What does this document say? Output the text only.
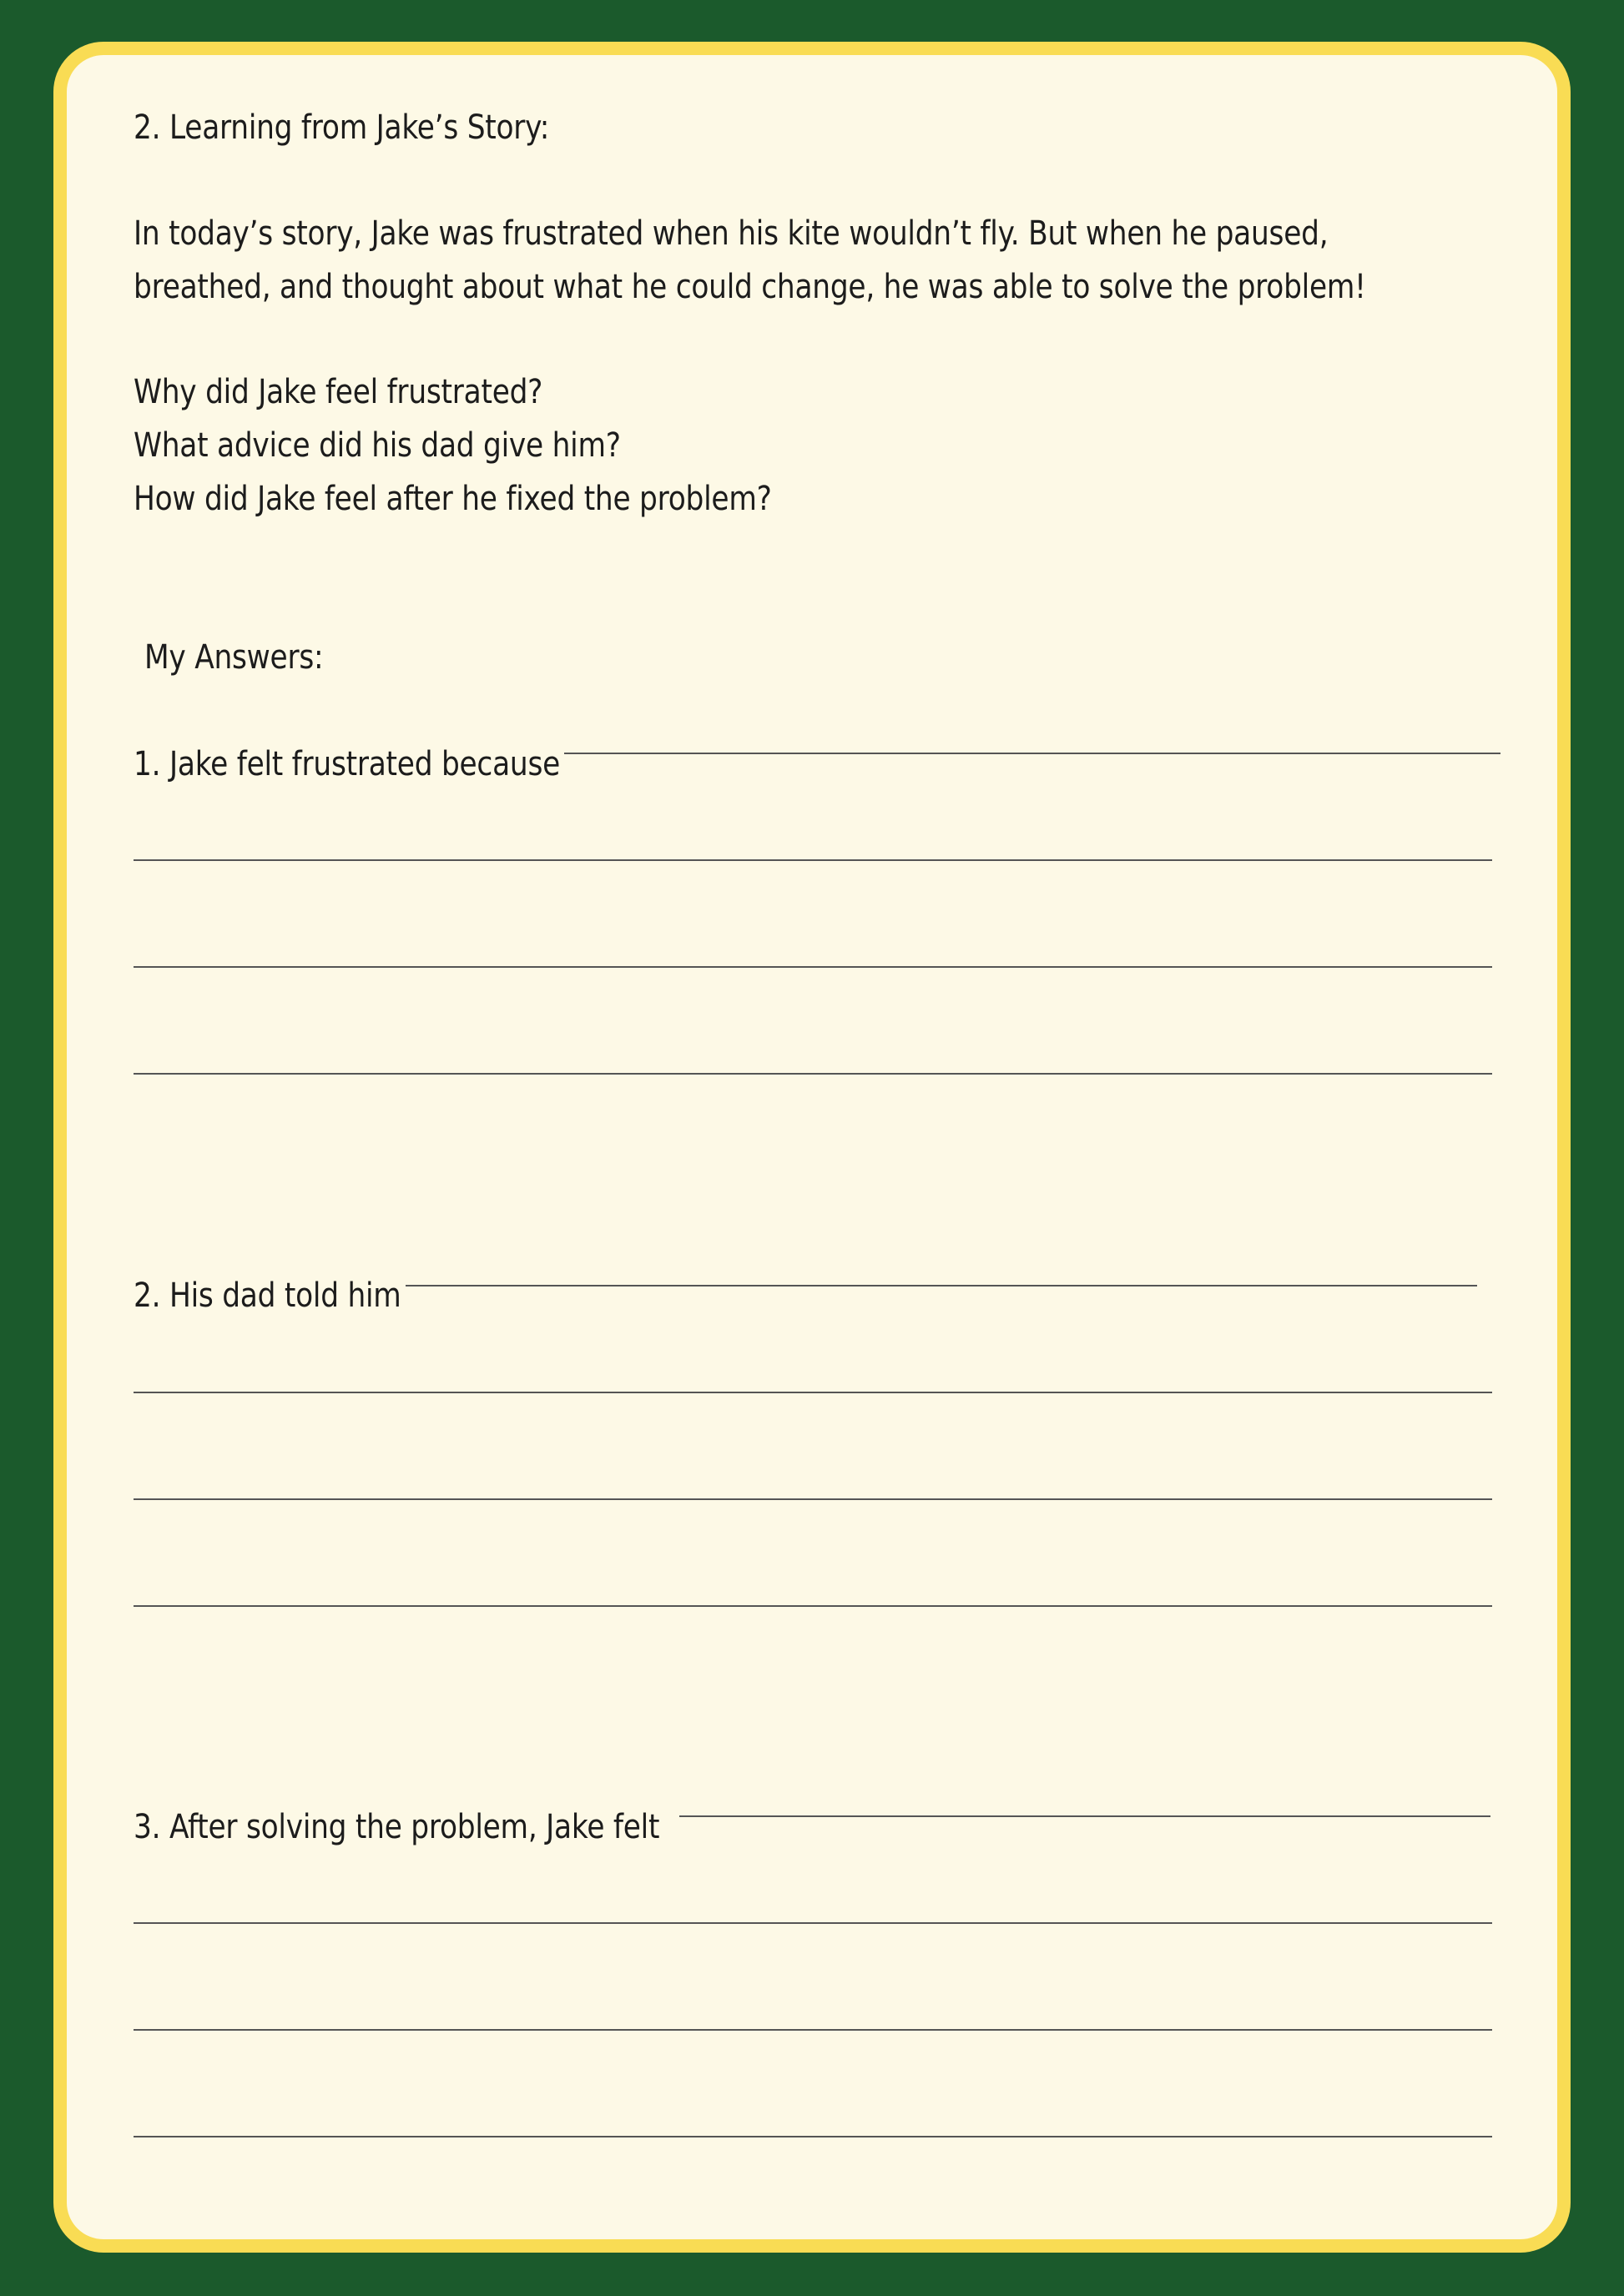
2. Learning from Jake’s Story:

In today’s story, Jake was frustrated when his kite wouldn’t fly. But when he paused,

breathed, and thought about what he could change, he was able to solve the problem!

Why did Jake feel frustrated?

What advice did his dad give him?

How did Jake feel after he fixed the problem?

My Answers:

1. Jake felt frustrated because

2. His dad told him

3. After solving the problem, Jake felt
